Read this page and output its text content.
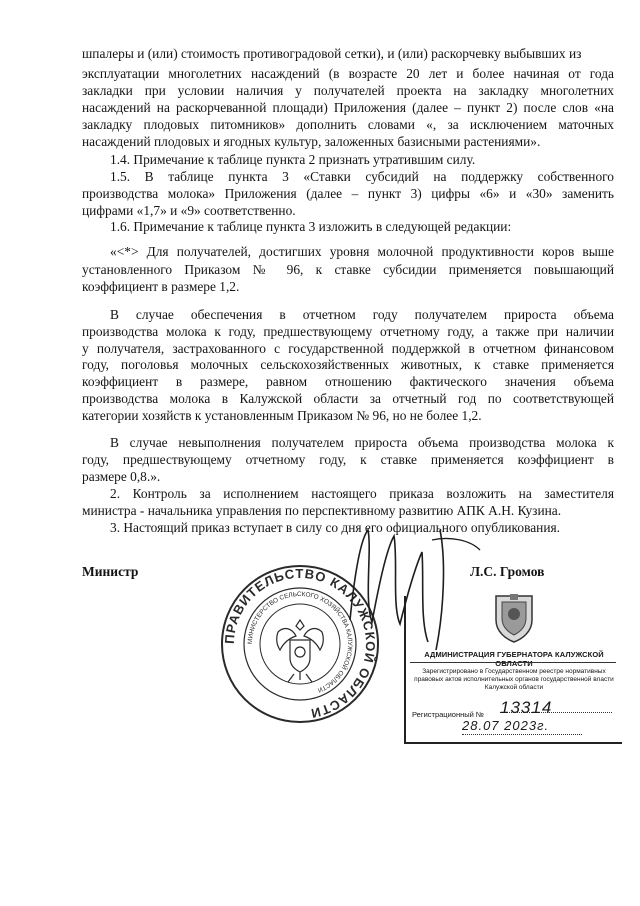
шпалеры и (или) стоимость противоградовой сетки), и (или) раскорчевку выбывших из
эксплуатации многолетних насаждений (в возрасте 20 лет и более начиная от года
закладки при условии наличия у получателей проекта на закладку многолетних
насаждений на раскорчеванной площади) Приложения (далее – пункт 2) после слов «на
закладку плодовых питомников» дополнить словами «, за исключением маточных
насаждений плодовых и ягодных культур, заложенных базисными растениями».
1.4. Примечание к таблице пункта 2 признать утратившим силу.
1.5. В таблице пункта 3 «Ставки субсидий на поддержку собственного
производства молока» Приложения (далее – пункт 3) цифры «6» и «30» заменить
цифрами «1,7» и «9» соответственно.
1.6. Примечание к таблице пункта 3 изложить в следующей редакции:
«<*> Для получателей, достигших уровня молочной продуктивности коров выше
установленного Приказом № 96, к ставке субсидии применяется повышающий
коэффициент в размере 1,2.
В случае обеспечения в отчетном году получателем прироста объема
производства молока к году, предшествующему отчетному году, а также при наличии
у получателя, застрахованного с государственной поддержкой в отчетном финансовом
году, поголовья молочных сельскохозяйственных животных, к ставке применяется
коэффициент в размере, равном отношению фактического значения объема
производства молока в Калужской области за отчетный год по соответствующей
категории хозяйств к установленным Приказом № 96, но не более 1,2.
В случае невыполнения получателем прироста объема производства молока к
году, предшествующему отчетному году, к ставке применяется коэффициент в
размере 0,8.».
2. Контроль за исполнением настоящего приказа возложить на заместителя
министра - начальника управления по перспективному развитию АПК А.Н. Кузина.
3. Настоящий приказ вступает в силу со дня его официального опубликования.
Министр	Л.С. Громов
АДМИНИСТРАЦИЯ ГУБЕРНАТОРА КАЛУЖСКОЙ ОБЛАСТИ
Зарегистрировано в Государственном реестре нормативных правовых актов исполнительных органов государственной власти Калужской области
Регистрационный № 13314
28.07 2023г.
ПРАВИТЕЛЬСТВО КАЛУЖСКОЙ ОБЛАСТИ
МИНИСТЕРСТВО СЕЛЬСКОГО ХОЗЯЙСТВА КАЛУЖСКОЙ ОБЛАСТИ
